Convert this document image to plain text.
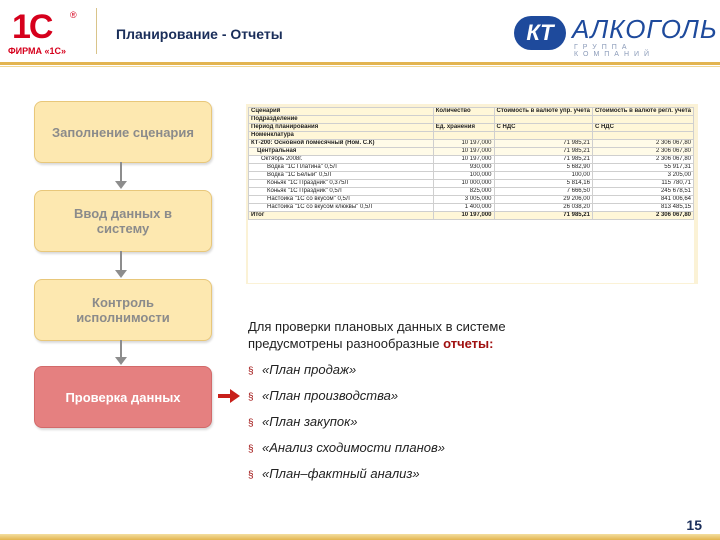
1С ®
ФИРМА «1С»
Планирование - Отчеты	КТ АЛКОГОЛЬ
ГРУППА КОМПАНИЙ
Сценарий	Количество	Стоимость в валюте упр. учета	Стоимость в валюте регл. учета
Подразделение			
Период планирования	Ед. хранения	С НДС	С НДС
Номенклатура			
КТ-200: Основной помесячный (Ном. С.К)	10 197,000	71 985,21	2 306 067,80
Центральная	10 197,000	71 985,21	2 306 067,80
Октябрь 2008г.	10 197,000	71 985,21	2 306 067,80
Водка "1С Платина" 0,5Л	930,000	5 682,90	55 917,31
Водка "1С Белый" 0,5Л	100,000	100,00	3 205,00
Коньяк "1С Праздник" 0,375Л	10 000,000	5 814,16	115 780,71
Коньяк "1С Праздник" 0,5Л	825,000	7 666,50	245 678,51
Настойка "1С со вкусом" 0,5Л	3 005,000	29 206,00	841 006,64
Настойка "1С со вкусом клюквы" 0,5Л	1 400,000	26 038,20	813 485,15
Итог	10 197,000	71 985,21	2 306 067,80
Заполнение сценария
Ввод данных в систему
Контроль исполнимости
Проверка данных
Для проверки плановых данных в системе
предусмотрены разнообразные отчеты:
§ «План продаж»
§ «План производства»
§ «План закупок»
§ «Анализ сходимости планов»
§ «План–фактный анализ»
15
